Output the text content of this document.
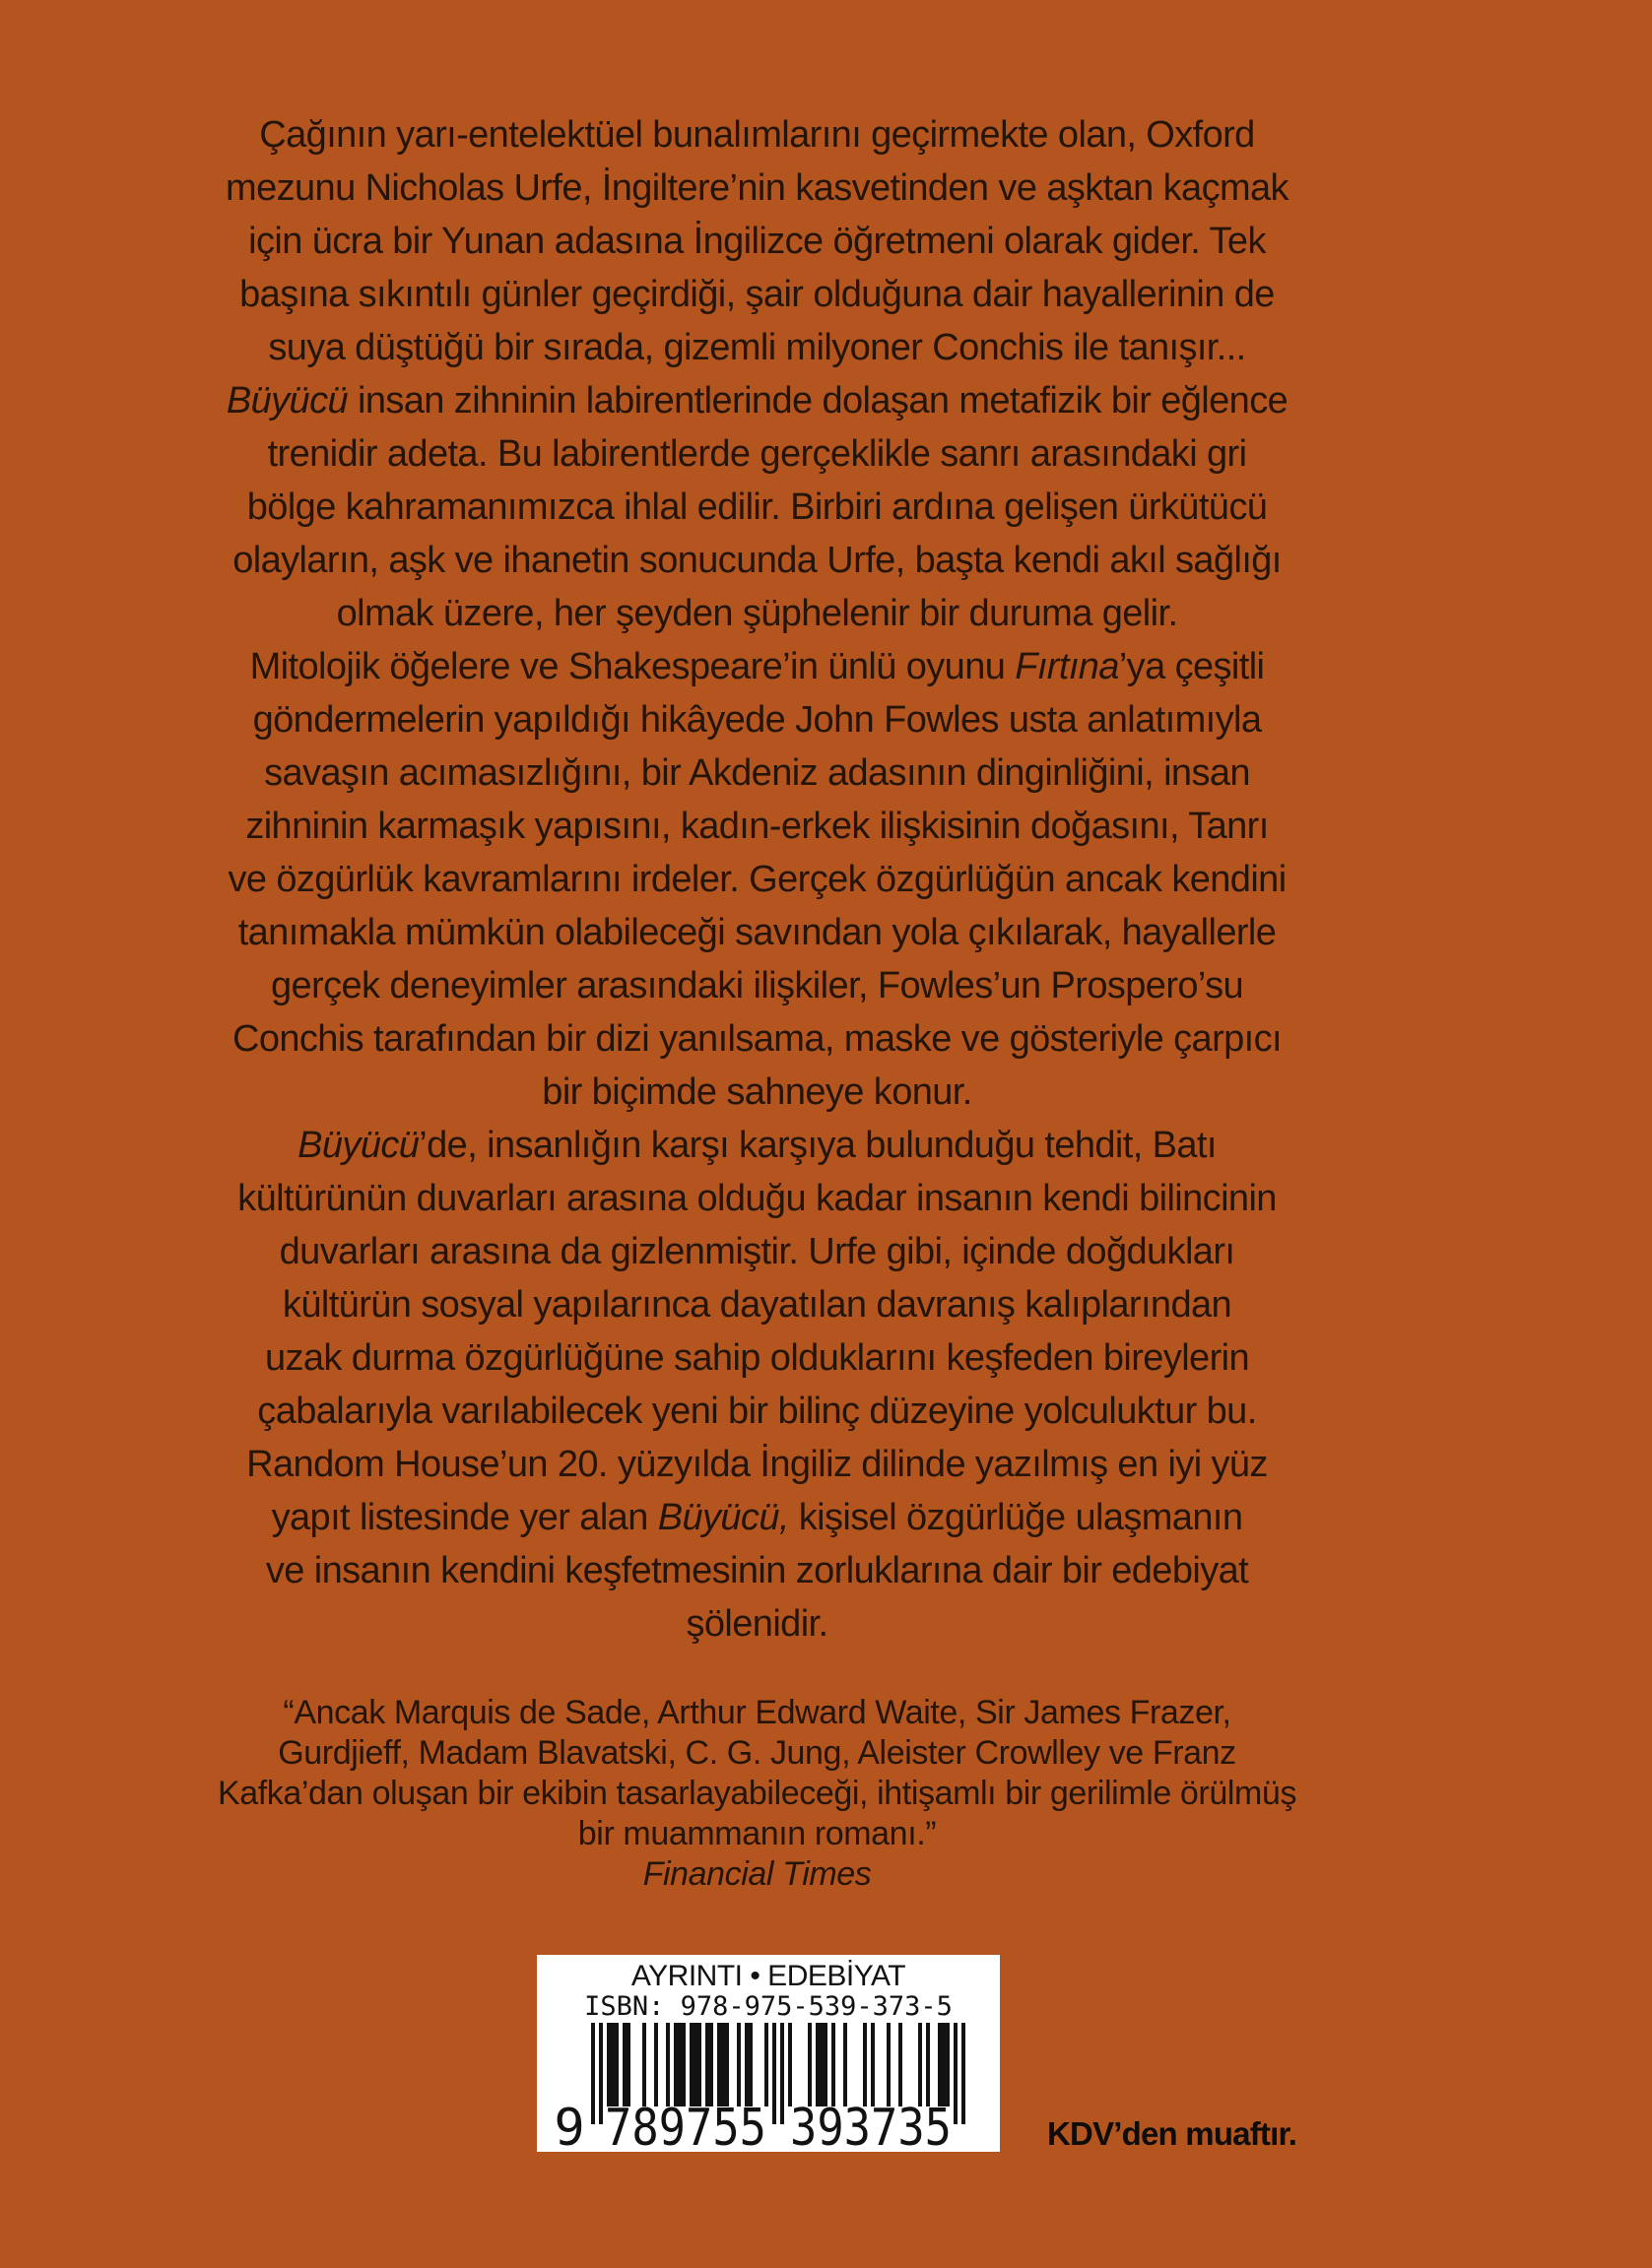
Çağının yarı-entelektüel bunalımlarını geçirmekte olan, Oxford
mezunu Nicholas Urfe, İngiltere’nin kasvetinden ve aşktan kaçmak
için ücra bir Yunan adasına İngilizce öğretmeni olarak gider. Tek
başına sıkıntılı günler geçirdiği, şair olduğuna dair hayallerinin de
suya düştüğü bir sırada, gizemli milyoner Conchis ile tanışır...
Büyücü insan zihninin labirentlerinde dolaşan metafizik bir eğlence
trenidir adeta. Bu labirentlerde gerçeklikle sanrı arasındaki gri
bölge kahramanımızca ihlal edilir. Birbiri ardına gelişen ürkütücü
olayların, aşk ve ihanetin sonucunda Urfe, başta kendi akıl sağlığı
olmak üzere, her şeyden şüphelenir bir duruma gelir.
Mitolojik öğelere ve Shakespeare’in ünlü oyunu Fırtına’ya çeşitli
göndermelerin yapıldığı hikâyede John Fowles usta anlatımıyla
savaşın acımasızlığını, bir Akdeniz adasının dinginliğini, insan
zihninin karmaşık yapısını, kadın-erkek ilişkisinin doğasını, Tanrı
ve özgürlük kavramlarını irdeler. Gerçek özgürlüğün ancak kendini
tanımakla mümkün olabileceği savından yola çıkılarak, hayallerle
gerçek deneyimler arasındaki ilişkiler, Fowles’un Prospero’su
Conchis tarafından bir dizi yanılsama, maske ve gösteriyle çarpıcı
bir biçimde sahneye konur.
Büyücü’de, insanlığın karşı karşıya bulunduğu tehdit, Batı
kültürünün duvarları arasına olduğu kadar insanın kendi bilincinin
duvarları arasına da gizlenmiştir. Urfe gibi, içinde doğdukları
kültürün sosyal yapılarınca dayatılan davranış kalıplarından
uzak durma özgürlüğüne sahip olduklarını keşfeden bireylerin
çabalarıyla varılabilecek yeni bir bilinç düzeyine yolculuktur bu.
Random House’un 20. yüzyılda İngiliz dilinde yazılmış en iyi yüz
yapıt listesinde yer alan Büyücü, kişisel özgürlüğe ulaşmanın
ve insanın kendini keşfetmesinin zorluklarına dair bir edebiyat
şölenidir.
“Ancak Marquis de Sade, Arthur Edward Waite, Sir James Frazer,
Gurdjieff, Madam Blavatski, C. G. Jung, Aleister Crowlley ve Franz
Kafka’dan oluşan bir ekibin tasarlayabileceği, ihtişamlı bir gerilimle örülmüş
bir muammanın romanı.”
Financial Times
AYRINTI • EDEBİYAT
ISBN: 978-975-539-373-5
9 789755 393735	KDV’den muaftır.
